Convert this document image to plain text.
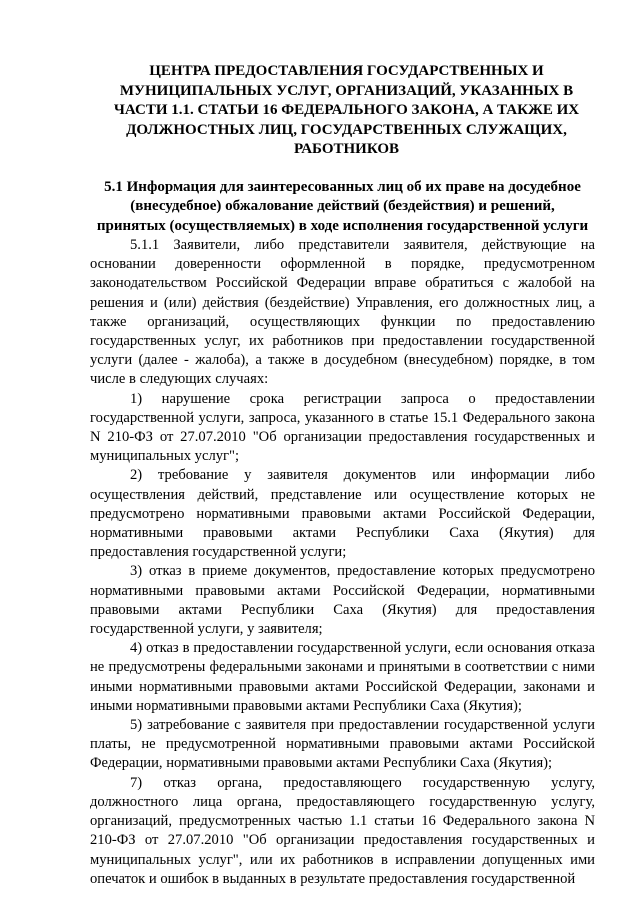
ЦЕНТРА ПРЕДОСТАВЛЕНИЯ ГОСУДАРСТВЕННЫХ И МУНИЦИПАЛЬНЫХ УСЛУГ, ОРГАНИЗАЦИЙ, УКАЗАННЫХ В ЧАСТИ 1.1. СТАТЬИ 16 ФЕДЕРАЛЬНОГО ЗАКОНА, А ТАКЖЕ ИХ ДОЛЖНОСТНЫХ ЛИЦ, ГОСУДАРСТВЕННЫХ СЛУЖАЩИХ, РАБОТНИКОВ
5.1 Информация для заинтересованных лиц об их праве на досудебное (внесудебное) обжалование действий (бездействия) и решений, принятых (осуществляемых) в ходе исполнения государственной услуги

5.1.1 Заявители, либо представители заявителя, действующие на основании доверенности оформленной в порядке, предусмотренном законодательством Российской Федерации вправе обратиться с жалобой на решения и (или) действия (бездействие) Управления, его должностных лиц, а также организаций, осуществляющих функции по предоставлению государственных услуг, их работников при предоставлении государственной услуги (далее - жалоба), а также в досудебном (внесудебном) порядке, в том числе в следующих случаях:

1) нарушение срока регистрации запроса о предоставлении государственной услуги, запроса, указанного в статье 15.1 Федерального закона N 210-ФЗ от 27.07.2010 "Об организации предоставления государственных и муниципальных услуг";

2) требование у заявителя документов или информации либо осуществления действий, представление или осуществление которых не предусмотрено нормативными правовыми актами Российской Федерации, нормативными правовыми актами Республики Саха (Якутия) для предоставления государственной услуги;

3) отказ в приеме документов, предоставление которых предусмотрено нормативными правовыми актами Российской Федерации, нормативными правовыми актами Республики Саха (Якутия) для предоставления государственной услуги, у заявителя;

4) отказ в предоставлении государственной услуги, если основания отказа не предусмотрены федеральными законами и принятыми в соответствии с ними иными нормативными правовыми актами Российской Федерации, законами и иными нормативными правовыми актами Республики Саха (Якутия);

5) затребование с заявителя при предоставлении государственной услуги платы, не предусмотренной нормативными правовыми актами Российской Федерации, нормативными правовыми актами Республики Саха (Якутия);

7) отказ органа, предоставляющего государственную услугу, должностного лица органа, предоставляющего государственную услугу, организаций, предусмотренных частью 1.1 статьи 16 Федерального закона N 210-ФЗ от 27.07.2010 "Об организации предоставления государственных и муниципальных услуг", или их работников в исправлении допущенных ими опечаток и ошибок в выданных в результате предоставления государственной
